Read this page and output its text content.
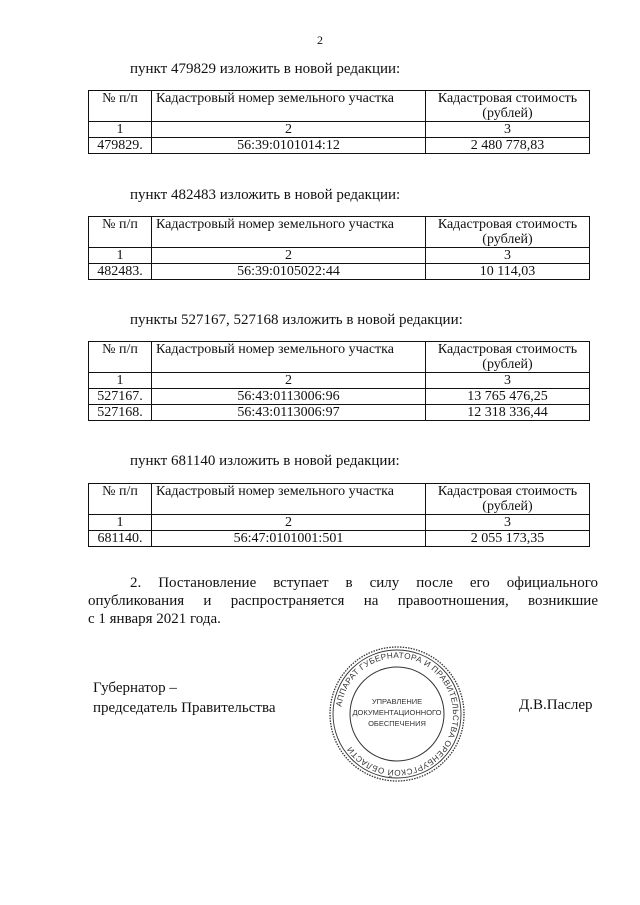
2
пункт 479829 изложить в новой редакции:
№ п/п	Кадастровый номер земельного участка	Кадастровая стоимость (рублей)
1	2	3
479829.	56:39:0101014:12	2 480 778,83
пункт 482483 изложить в новой редакции:
№ п/п	Кадастровый номер земельного участка	Кадастровая стоимость (рублей)
1	2	3
482483.	56:39:0105022:44	10 114,03
пункты 527167, 527168 изложить в новой редакции:
№ п/п	Кадастровый номер земельного участка	Кадастровая стоимость (рублей)
1	2	3
527167.	56:43:0113006:96	13 765 476,25
527168.	56:43:0113006:97	12 318 336,44
пункт 681140 изложить в новой редакции:
№ п/п	Кадастровый номер земельного участка	Кадастровая стоимость (рублей)
1	2	3
681140.	56:47:0101001:501	2 055 173,35
2. Постановление вступает в силу после его официального
опубликования и распространяется на правоотношения, возникшие
с 1 января 2021 года.
Губернатор –
председатель Правительства	Д.В.Паслер
АППАРАТ ГУБЕРНАТОРА И ПРАВИТЕЛЬСТВА ОРЕНБУРГСКОЙ ОБЛАСТИ
УПРАВЛЕНИЕ
ДОКУМЕНТАЦИОННОГО
ОБЕСПЕЧЕНИЯ
